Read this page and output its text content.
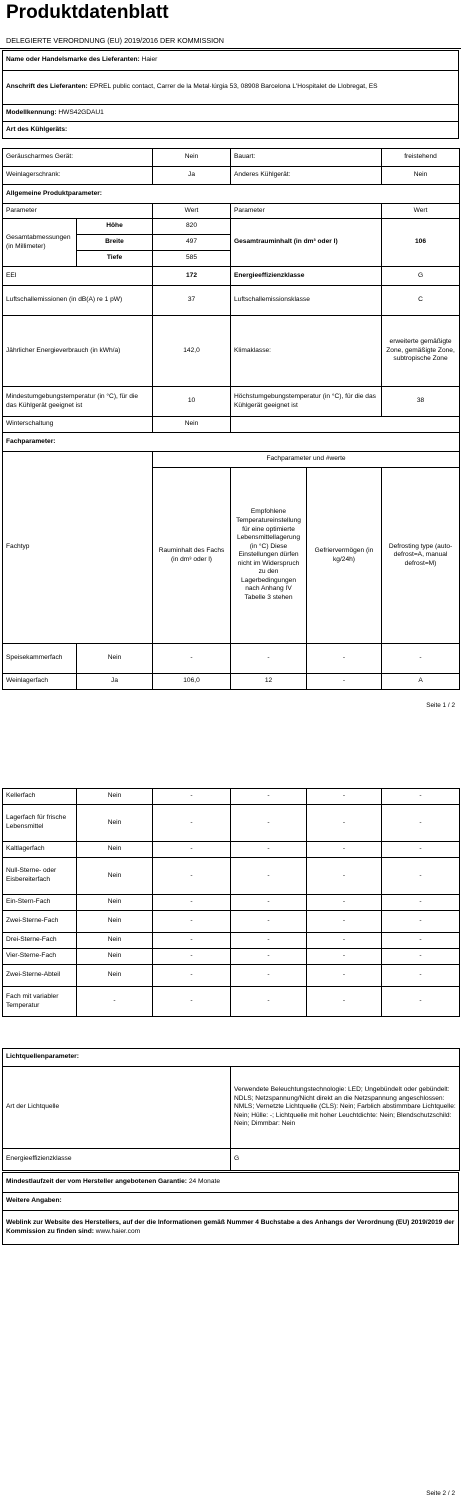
Produktdatenblatt
DELEGIERTE VERORDNUNG (EU) 2019/2016 DER KOMMISSION
Name oder Handelsmarke des Lieferanten: Haier
Anschrift des Lieferanten: EPREL public contact, Carrer de la Metal·lúrgia 53, 08908 Barcelona L'Hospitalet de Llobregat, ES
Modellkennung: HWS42GDAU1
Art des Kühlgeräts:
Geräuscharmes Gerät:	Nein	Bauart:	freistehend
Weinlagerschrank:	Ja	Anderes Kühlgerät:	Nein
Allgemeine Produktparameter:				
Parameter		Wert	Parameter	Wert
Gesamtabmessungen (in Millimeter)	Höhe	820	Gesamtrauminhalt (in dm³ oder l)	106
	Breite	497		
	Tiefe	585		
EEI		172	Energieeffizienzklasse	G
Luftschallemissionen (in dB(A) re 1 pW)		37	Luftschallemissionsklasse	C
Jährlicher Energieverbrauch (in kWh/a)		142,0	Klimaklasse:	erweiterte gemäßigte Zone, gemäßigte Zone, subtropische Zone
Mindestumgebungstemperatur (in °C), für die das Kühlgerät geeignet ist		10	Höchstumgebungstemperatur (in °C), für die das Kühlgerät geeignet ist	38
Winterschaltung		Nein		
Fachparameter:					
Fachtyp		Fachparameter und #werte			
		Rauminhalt des Fachs (in dm³ oder l)	Empfohlene Temperatureinstellung für eine optimierte Lebensmittellagerung (in °C) Diese Einstellungen dürfen nicht im Widerspruch zu den Lagerbedingungen nach Anhang IV Tabelle 3 stehen	Gefriervermögen (in kg/24h)	Defrosting type (auto-defrost=A, manual defrost=M)
Speisekammerfach	Nein	-	-	-	-
Weinlagerfach	Ja	106,0	12	-	A
Seite 1 / 2
Kellerfach	Nein	-	-	-	-
Lagerfach für frische Lebensmittel	Nein	-	-	-	-
Kaltlagerfach	Nein	-	-	-	-
Null-Sterne- oder Eisbereiterfach	Nein	-	-	-	-
Ein-Stern-Fach	Nein	-	-	-	-
Zwei-Sterne-Fach	Nein	-	-	-	-
Drei-Sterne-Fach	Nein	-	-	-	-
Vier-Sterne-Fach	Nein	-	-	-	-
Zwei-Sterne-Abteil	Nein	-	-	-	-
Fach mit variabler Temperatur	-	-	-	-	-
Lichtquellenparameter:	
Art der Lichtquelle	Verwendete Beleuchtungstechnologie: LED; Ungebündelt oder gebündelt: NDLS; Netzspannung/Nicht direkt an die Netzspannung angeschlossen: NMLS; Vernetzte Lichtquelle (CLS): Nein; Farblich abstimmbare Lichtquelle: Nein; Hülle: -; Lichtquelle mit hoher Leuchtdichte: Nein; Blendschutzschild: Nein; Dimmbar: Nein
Energieeffizienzklasse	G
Mindestlaufzeit der vom Hersteller angebotenen Garantie: 24 Monate
Weitere Angaben:
Weblink zur Website des Herstellers, auf der die Informationen gemäß Nummer 4 Buchstabe a des Anhangs der Verordnung (EU) 2019/2019 der Kommission zu finden sind: www.haier.com
Seite 2 / 2
